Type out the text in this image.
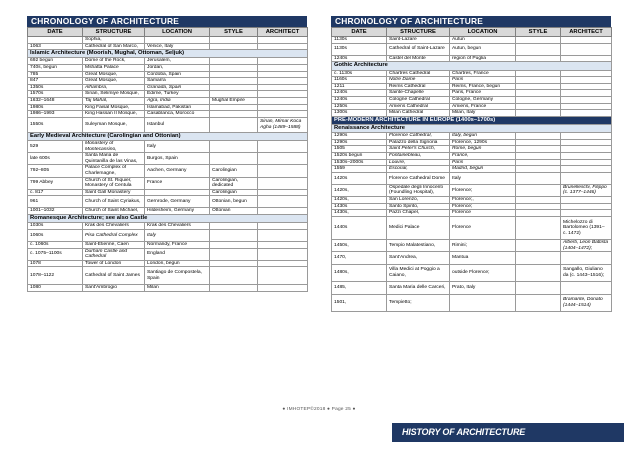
CHRONOLOGY OF ARCHITECTURE
DATE	STRUCTURE	LOCATION	STYLE	ARCHITECT
	Sophia,			
1063	Cathedral of San Marco,	Venice, Italy		
Islamic Architecture (Moorish, Mughal, Ottoman, Seljuk)				
692 begun	Dome of the Rock,	Jerusalem,		
740s, begun	Mshatta Palace	Jordan,		
785	Great Mosque,	Cordoba, Spain		
847	Great Mosque,	Samarra		
1350s	Alhambra,	Granada, Spain		
1570s	Sinan, Selimiye Mosque,	Edirne, Turkey		
1632–1648	Taj Mahal,	Agra, India	Mughal Empire	
1980s	King Faisal Mosque,	Islamabad, Pakistan		
1986–1993	King Hassan II Mosque,	Casablanca, Morocco		
1550s	Suleyman Mosque,	Istanbul		Sinan, Mimar Koca Agha (1489–1588)
Early Medieval Architecture (Carolingian and Ottonian)				
529	Monastery of Montecassino,	Italy		
late 600s	Santa Maria de Quintanilla de las Vinas,	Burgos, Spain		
792–805	Palace Complex of Charlemagne,	Aachen, Germany	Carolingian	
799 Abbey	Church of St. Riquier, Monastery of Centula	France	Carolingian, dedicated	
c. 817	Saint Gall Monastery		Carolingian	
961	Church of Saint Cyriakus,	Gernrode, Germany	Ottonian, begun	
1001–1032	Church of Saint Michael,	Hildesheim, Germany	Ottonian	
Romanesque Architecture; see also Castle				
1030s	Krak des Chevaliers	Krak des Chevaliers		
1060s	Pisa Cathedral Complex	Italy		
c. 1060s	Saint-Etienne, Caen	Normandy, France		
c. 1075–1100s	Durham Castle and Cathedral	England		
1078	Tower of London	London, begun		
1078–1122	Cathedral of Saint James	Santiago de Compostela, Spain		
1080	Sant'Ambrogio	Milan		
CHRONOLOGY OF ARCHITECTURE
DATE	STRUCTURE	LOCATION	STYLE	ARCHITECT
1130s	Saint-Lazare	Autun		
1130s	Cathedral of Saint-Lazare	Autun, begun		
1240s	Castel del Monte	region of Puglia		
Gothic Architecture				
c. 1130s	Chartres Cathedral	Chartres, France		
1160s	Notre Dame	Paris		
1211	Reims Cathedral	Reims, France, begun		
1240s	Sainte-Chapelle	Paris, France		
1240s	Cologne Cathedral	Cologne, Germany		
1250s	Amiens Cathedral	Amiens, France		
1300s	Milan Cathedral	Milan, Italy		
PRE-MODERN ARCHITECTURE IN EUROPE (1400s–1700s)				
Renaissance Architecture				
1290s	Florence Cathedral,	Italy, begun		
1290s	Palazzo della Signoria	Florence, 1290s		
1505	Saint Peter's Church,	Rome, begun		
1520s begun	Fontainebleau,	France,		
1530s–2000s	Louvre,	Paris		
1559	Escorial,	Madrid, begun		
1420s	Florence Cathedral Dome	Italy		
1420s,	Ospedale degli Innocenti (Foundling Hospital),	Florence;		Brunelleschi, Filippo (c. 1377–1446)
1420s,	San Lorenzo,	Florence;,		
1430s	Santo Spirito,	Florence;		
1430s,	Pazzi Chapel,	Florence		
1440s	Medici Palace	Florence		Michelozzo di Bartolomeo (1391– c. 1472)
1450s,	Tempio Malatestiano,	Rimini;		Alberti, Leon Battista (1404–1472);
1470,	Sant'Andrea,	Mantua		
1480s,	Villa Medici at Poggio a Caiano,	outside Florence;		Sangallo, Giuliano da (c. 1443–1516);
1485,	Santa Maria delle Carceri,	Prato, Italy		
1501,	Tempietto;			Bramante, Donato (1444–1514)
● IMHOTEP©2018 ● Page 25 ●
HISTORY OF ARCHITECTURE
